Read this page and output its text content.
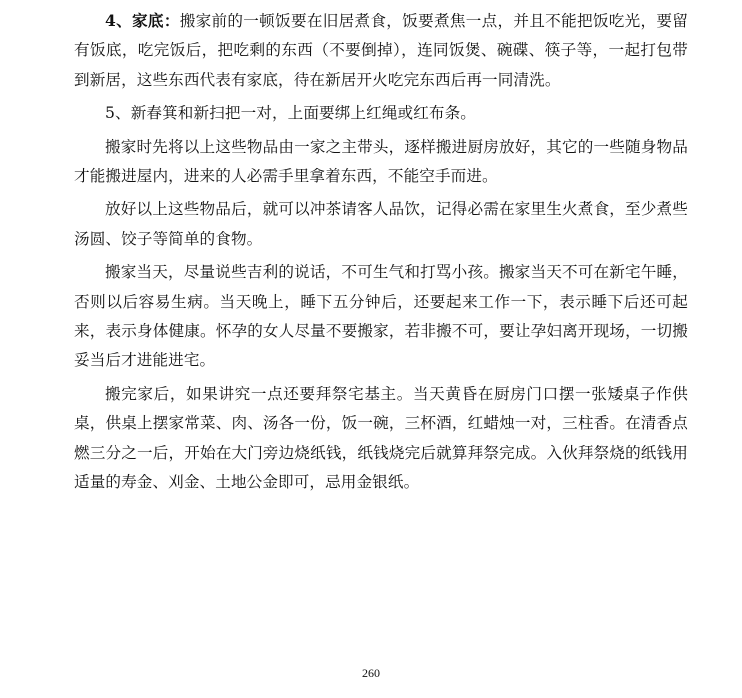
4、家底：搬家前的一顿饭要在旧居煮食，饭要煮焦一点，并且不能把饭吃光，要留有饭底，吃完饭后，把吃剩的东西（不要倒掉），连同饭煲、碗碟、筷子等，一起打包带到新居，这些东西代表有家底，待在新居开火吃完东西后再一同清洗。

5、新春箕和新扫把一对，上面要绑上红绳或红布条。

搬家时先将以上这些物品由一家之主带头，逐样搬进厨房放好，其它的一些随身物品才能搬进屋内，进来的人必需手里拿着东西，不能空手而进。

放好以上这些物品后，就可以冲茶请客人品饮，记得必需在家里生火煮食，至少煮些汤圆、饺子等简单的食物。

搬家当天，尽量说些吉利的说话，不可生气和打骂小孩。搬家当天不可在新宅午睡，否则以后容易生病。当天晚上，睡下五分钟后，还要起来工作一下，表示睡下后还可起来，表示身体健康。怀孕的女人尽量不要搬家，若非搬不可，要让孕妇离开现场，一切搬妥当后才进能进宅。

搬完家后，如果讲究一点还要拜祭宅基主。当天黄昏在厨房门口摆一张矮桌子作供桌，供桌上摆家常菜、肉、汤各一份，饭一碗，三杯酒，红蜡烛一对，三柱香。在清香点燃三分之一后，开始在大门旁边烧纸钱，纸钱烧完后就算拜祭完成。入伙拜祭烧的纸钱用适量的寿金、刈金、土地公金即可，忌用金银纸。

260
